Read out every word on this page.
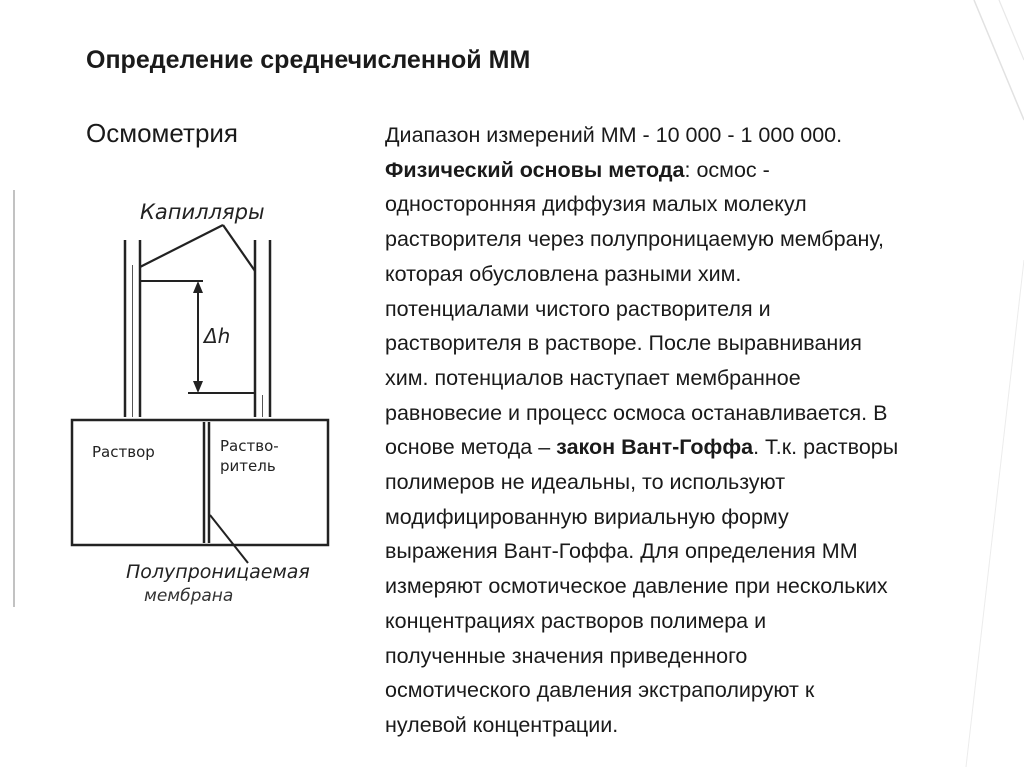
Определение среднечисленной ММ
Осмометрия
Капилляры
Δh
Раствор	Раство-
ритель
Полупроницаемая
мембрана
Диапазон измерений ММ - 10 000 - 1 000 000.
Физический основы метода: осмос -
односторонняя диффузия малых молекул
растворителя через полупроницаемую мембрану,
которая обусловлена разными хим.
потенциалами чистого растворителя и
растворителя в растворе. После выравнивания
хим. потенциалов наступает мембранное
равновесие и процесс осмоса останавливается. В
основе метода – закон Вант-Гоффа. Т.к. растворы
полимеров не идеальны, то используют
модифицированную вириальную форму
выражения Вант-Гоффа. Для определения ММ
измеряют осмотическое давление при нескольких
концентрациях растворов полимера и
полученные значения приведенного
осмотического давления экстраполируют к
нулевой концентрации.
